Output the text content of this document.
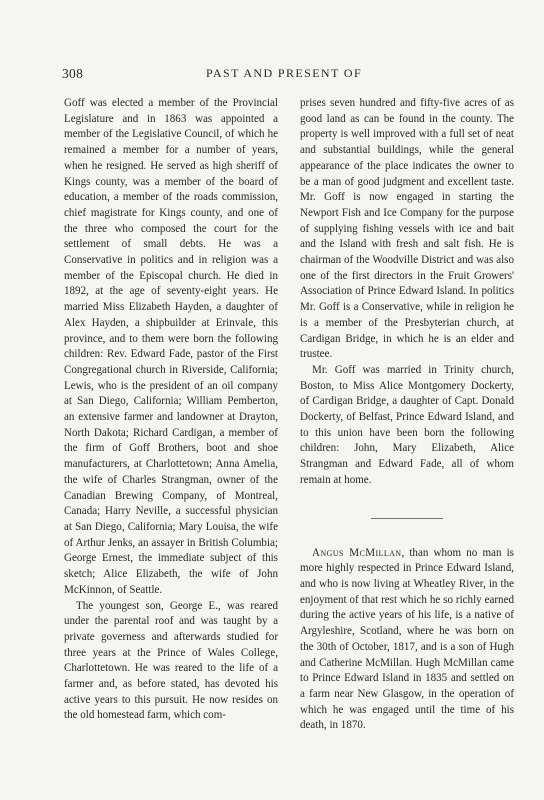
308	PAST AND PRESENT OF

Goff was elected a member of the Provincial Legislature and in 1863 was appointed a member of the Legislative Council, of which he remained a member for a number of years, when he resigned. He served as high sheriff of Kings county, was a member of the board of education, a member of the roads commission, chief magistrate for Kings county, and one of the three who composed the court for the settlement of small debts. He was a Conservative in politics and in religion was a member of the Episcopal church. He died in 1892, at the age of seventy-eight years. He married Miss Elizabeth Hayden, a daughter of Alex Hayden, a shipbuilder at Erinvale, this province, and to them were born the following children: Rev. Edward Fade, pastor of the First Congregational church in Riverside, California; Lewis, who is the president of an oil company at San Diego, California; William Pemberton, an extensive farmer and landowner at Drayton, North Dakota; Richard Cardigan, a member of the firm of Goff Brothers, boot and shoe manufacturers, at Charlottetown; Anna Amelia, the wife of Charles Strangman, owner of the Canadian Brewing Company, of Montreal, Canada; Harry Neville, a successful physician at San Diego, California; Mary Louisa, the wife of Arthur Jenks, an assayer in British Columbia; George Ernest, the immediate subject of this sketch; Alice Elizabeth, the wife of John McKinnon, of Seattle.

The youngest son, George E., was reared under the parental roof and was taught by a private governess and afterwards studied for three years at the Prince of Wales College, Charlottetown. He was reared to the life of a farmer and, as before stated, has devoted his active years to this pursuit. He now resides on the old homestead farm, which com-

prises seven hundred and fifty-five acres of as good land as can be found in the county. The property is well improved with a full set of neat and substantial buildings, while the general appearance of the place indicates the owner to be a man of good judgment and excellent taste. Mr. Goff is now engaged in starting the Newport Fish and Ice Company for the purpose of supplying fishing vessels with ice and bait and the Island with fresh and salt fish. He is chairman of the Woodville District and was also one of the first directors in the Fruit Growers' Association of Prince Edward Island. In politics Mr. Goff is a Conservative, while in religion he is a member of the Presbyterian church, at Cardigan Bridge, in which he is an elder and trustee.

Mr. Goff was married in Trinity church, Boston, to Miss Alice Montgomery Dockerty, of Cardigan Bridge, a daughter of Capt. Donald Dockerty, of Belfast, Prince Edward Island, and to this union have been born the following children: John, Mary Elizabeth, Alice Strangman and Edward Fade, all of whom remain at home.

Angus McMillan, than whom no man is more highly respected in Prince Edward Island, and who is now living at Wheatley River, in the enjoyment of that rest which he so richly earned during the active years of his life, is a native of Argyleshire, Scotland, where he was born on the 30th of October, 1817, and is a son of Hugh and Catherine McMillan. Hugh McMillan came to Prince Edward Island in 1835 and settled on a farm near New Glasgow, in the operation of which he was engaged until the time of his death, in 1870.
